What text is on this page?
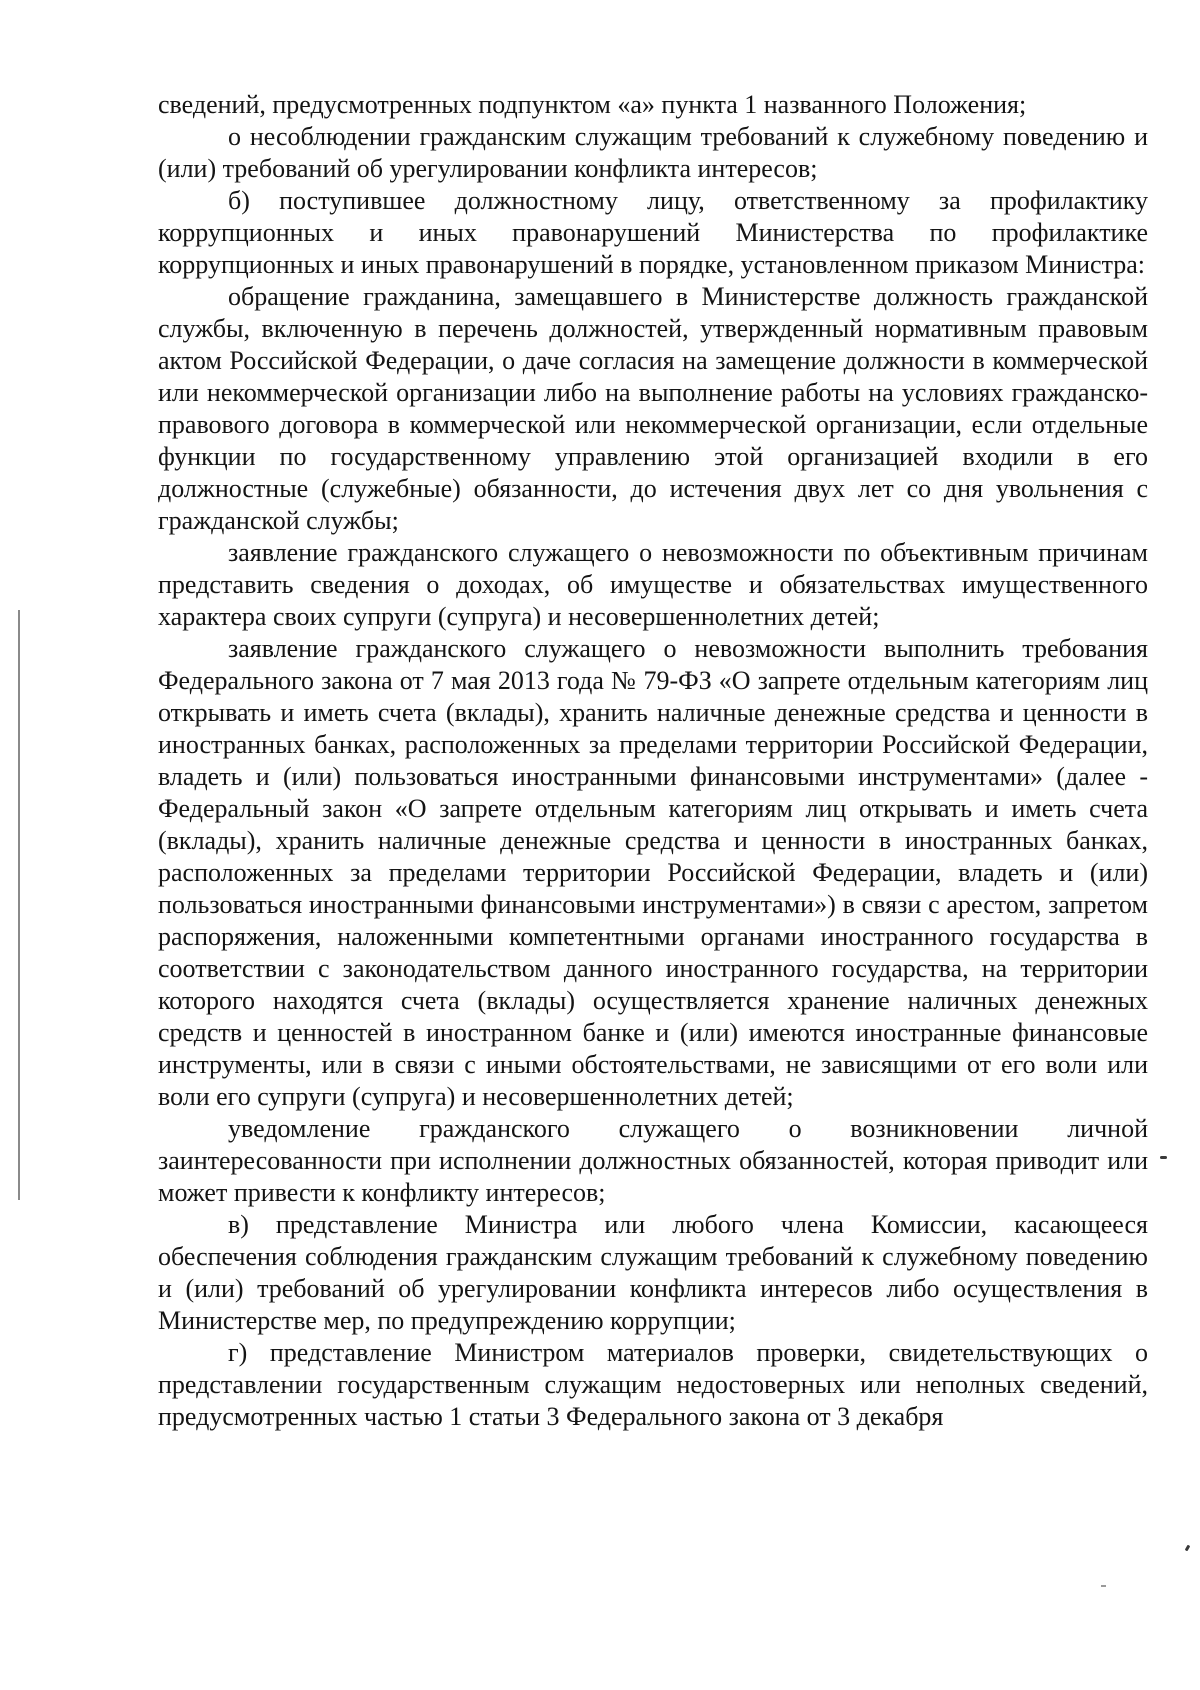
сведений, предусмотренных подпунктом «а» пункта 1 названного Положения;

о несоблюдении гражданским служащим требований к служебному поведению и (или) требований об урегулировании конфликта интересов;

б) поступившее должностному лицу, ответственному за профилактику коррупционных и иных правонарушений Министерства по профилактике коррупционных и иных правонарушений в порядке, установленном приказом Министра:

обращение гражданина, замещавшего в Министерстве должность гражданской службы, включенную в перечень должностей, утвержденный нормативным правовым актом Российской Федерации, о даче согласия на замещение должности в коммерческой или некоммерческой организации либо на выполнение работы на условиях гражданско-правового договора в коммерческой или некоммерческой организации, если отдельные функции по государственному управлению этой организацией входили в его должностные (служебные) обязанности, до истечения двух лет со дня увольнения с гражданской службы;

заявление гражданского служащего о невозможности по объективным причинам представить сведения о доходах, об имуществе и обязательствах имущественного характера своих супруги (супруга) и несовершеннолетних детей;

заявление гражданского служащего о невозможности выполнить требования Федерального закона от 7 мая 2013 года № 79-ФЗ «О запрете отдельным категориям лиц открывать и иметь счета (вклады), хранить наличные денежные средства и ценности в иностранных банках, расположенных за пределами территории Российской Федерации, владеть и (или) пользоваться иностранными финансовыми инструментами» (далее - Федеральный закон «О запрете отдельным категориям лиц открывать и иметь счета (вклады), хранить наличные денежные средства и ценности в иностранных банках, расположенных за пределами территории Российской Федерации, владеть и (или) пользоваться иностранными финансовыми инструментами») в связи с арестом, запретом распоряжения, наложенными компетентными органами иностранного государства в соответствии с законодательством данного иностранного государства, на территории которого находятся счета (вклады) осуществляется хранение наличных денежных средств и ценностей в иностранном банке и (или) имеются иностранные финансовые инструменты, или в связи с иными обстоятельствами, не зависящими от его воли или воли его супруги (супруга) и несовершеннолетних детей;

уведомление гражданского служащего о возникновении личной заинтересованности при исполнении должностных обязанностей, которая приводит или может привести к конфликту интересов;

в) представление Министра или любого члена Комиссии, касающееся обеспечения соблюдения гражданским служащим требований к служебному поведению и (или) требований об урегулировании конфликта интересов либо осуществления в Министерстве мер, по предупреждению коррупции;

г) представление Министром материалов проверки, свидетельствующих о представлении государственным служащим недостоверных или неполных сведений, предусмотренных частью 1 статьи 3 Федерального закона от 3 декабря
